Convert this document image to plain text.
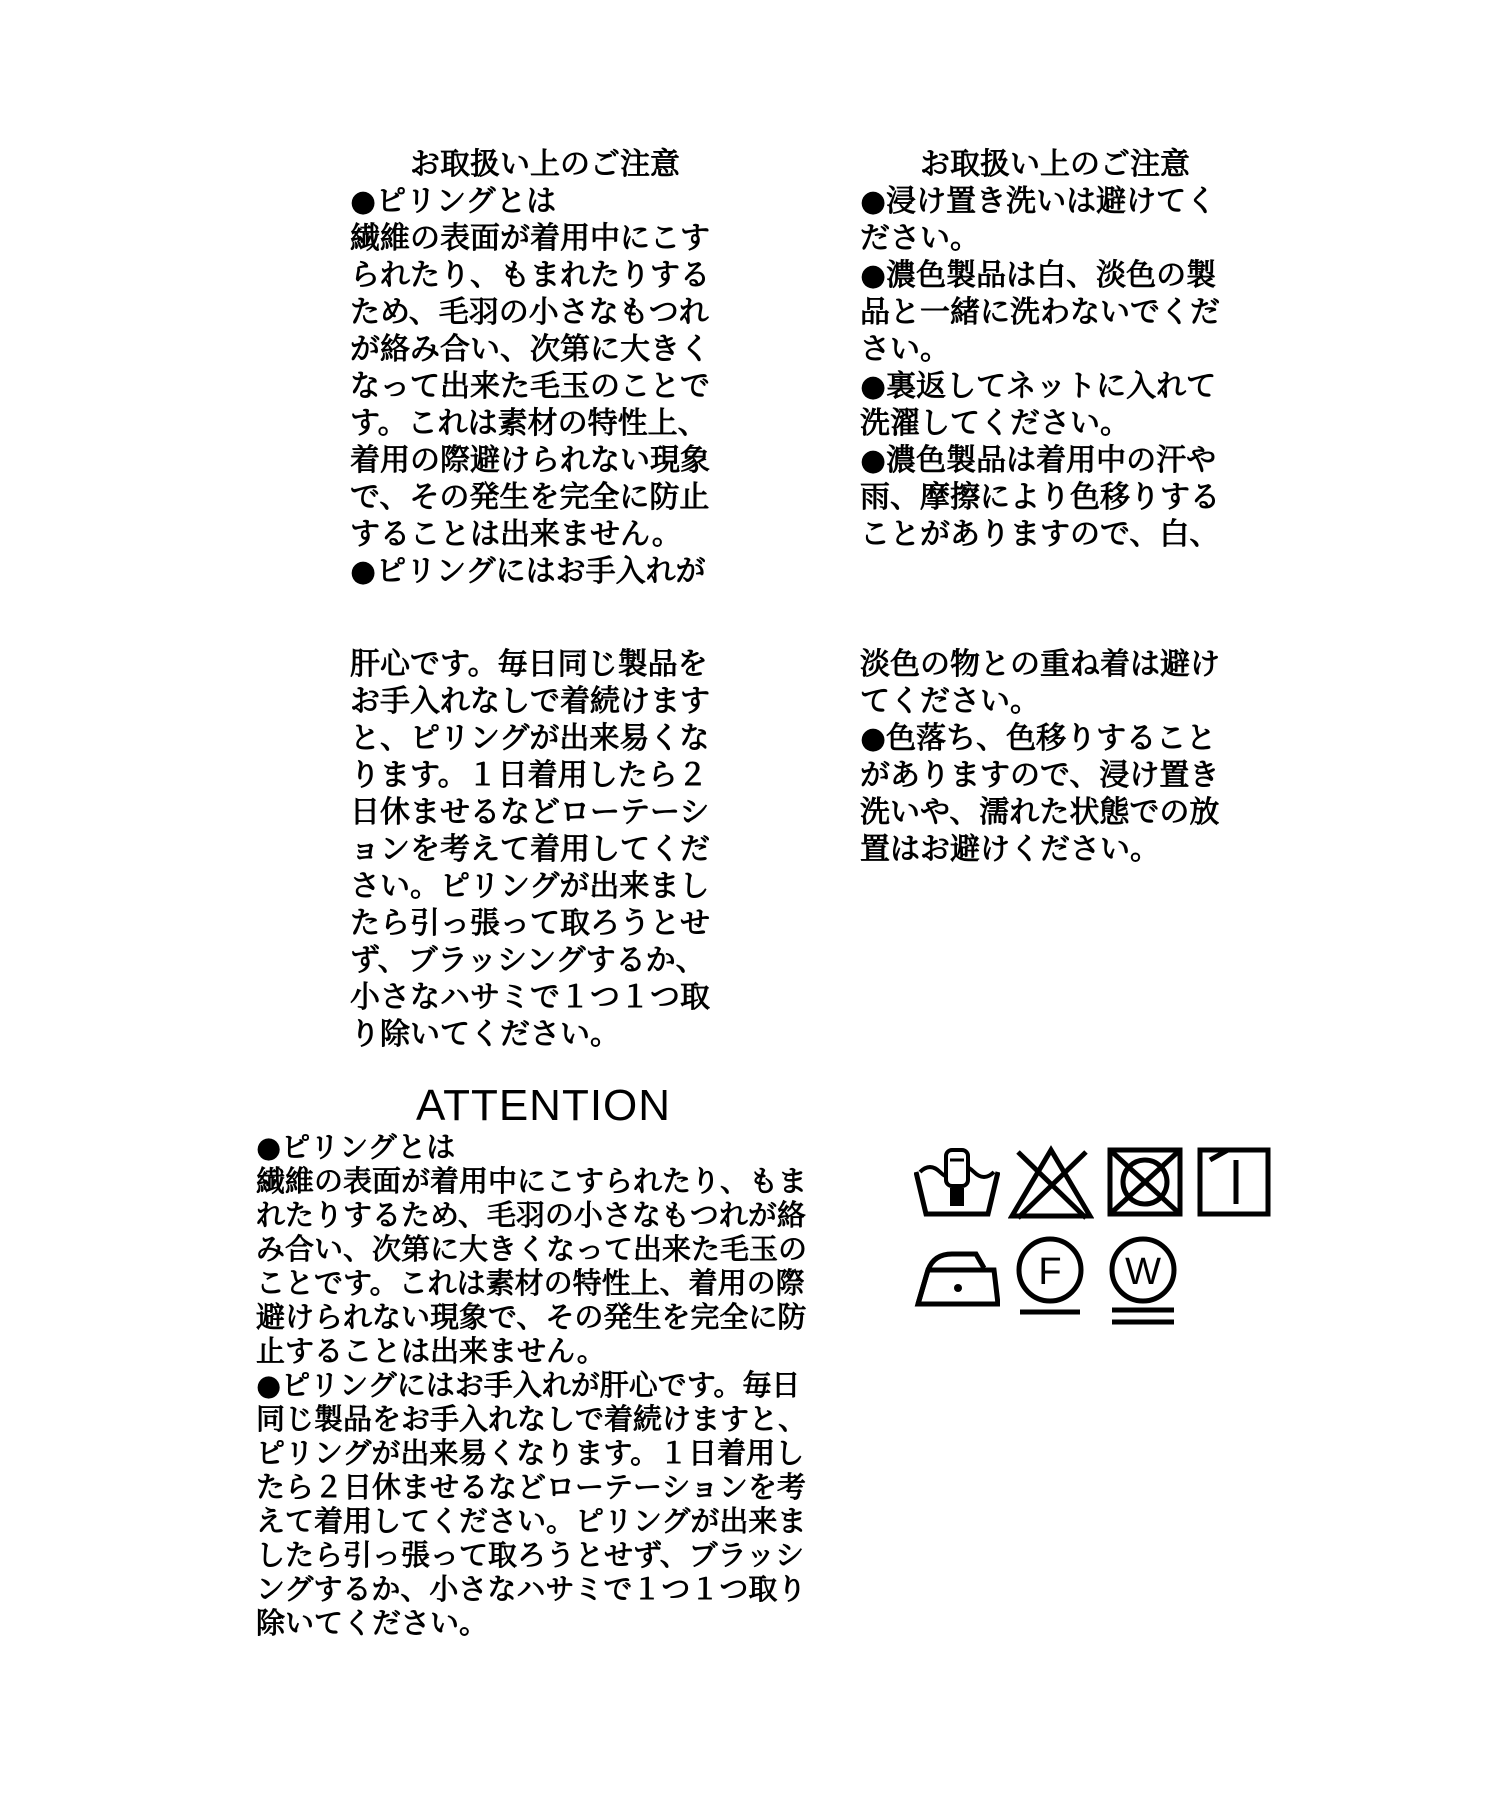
お取扱い上のご注意
●ピリングとは
繊維の表面が着用中にこす
られたり、もまれたりする
ため、毛羽の小さなもつれ
が絡み合い、次第に大きく
なって出来た毛玉のことで
す。これは素材の特性上、
着用の際避けられない現象
で、その発生を完全に防止
することは出来ません。
●ピリングにはお手入れが
お取扱い上のご注意
●浸け置き洗いは避けてく
ださい。
●濃色製品は白、淡色の製
品と一緒に洗わないでくだ
さい。
●裏返してネットに入れて
洗濯してください。
●濃色製品は着用中の汗や
雨、摩擦により色移りする
ことがありますので、白、
肝心です。毎日同じ製品を
お手入れなしで着続けます
と、ピリングが出来易くな
ります。１日着用したら２
日休ませるなどローテーシ
ョンを考えて着用してくだ
さい。ピリングが出来まし
たら引っ張って取ろうとせ
ず、ブラッシングするか、
小さなハサミで１つ１つ取
り除いてください。
淡色の物との重ね着は避け
てください。
●色落ち、色移りすること
がありますので、浸け置き
洗いや、濡れた状態での放
置はお避けください。
ATTENTION
●ピリングとは
繊維の表面が着用中にこすられたり、もま
れたりするため、毛羽の小さなもつれが絡
み合い、次第に大きくなって出来た毛玉の
ことです。これは素材の特性上、着用の際
避けられない現象で、その発生を完全に防
止することは出来ません。
●ピリングにはお手入れが肝心です。毎日
同じ製品をお手入れなしで着続けますと、
ピリングが出来易くなります。１日着用し
たら２日休ませるなどローテーションを考
えて着用してください。ピリングが出来ま
したら引っ張って取ろうとせず、ブラッシ
ングするか、小さなハサミで１つ１つ取り
除いてください。
F W
